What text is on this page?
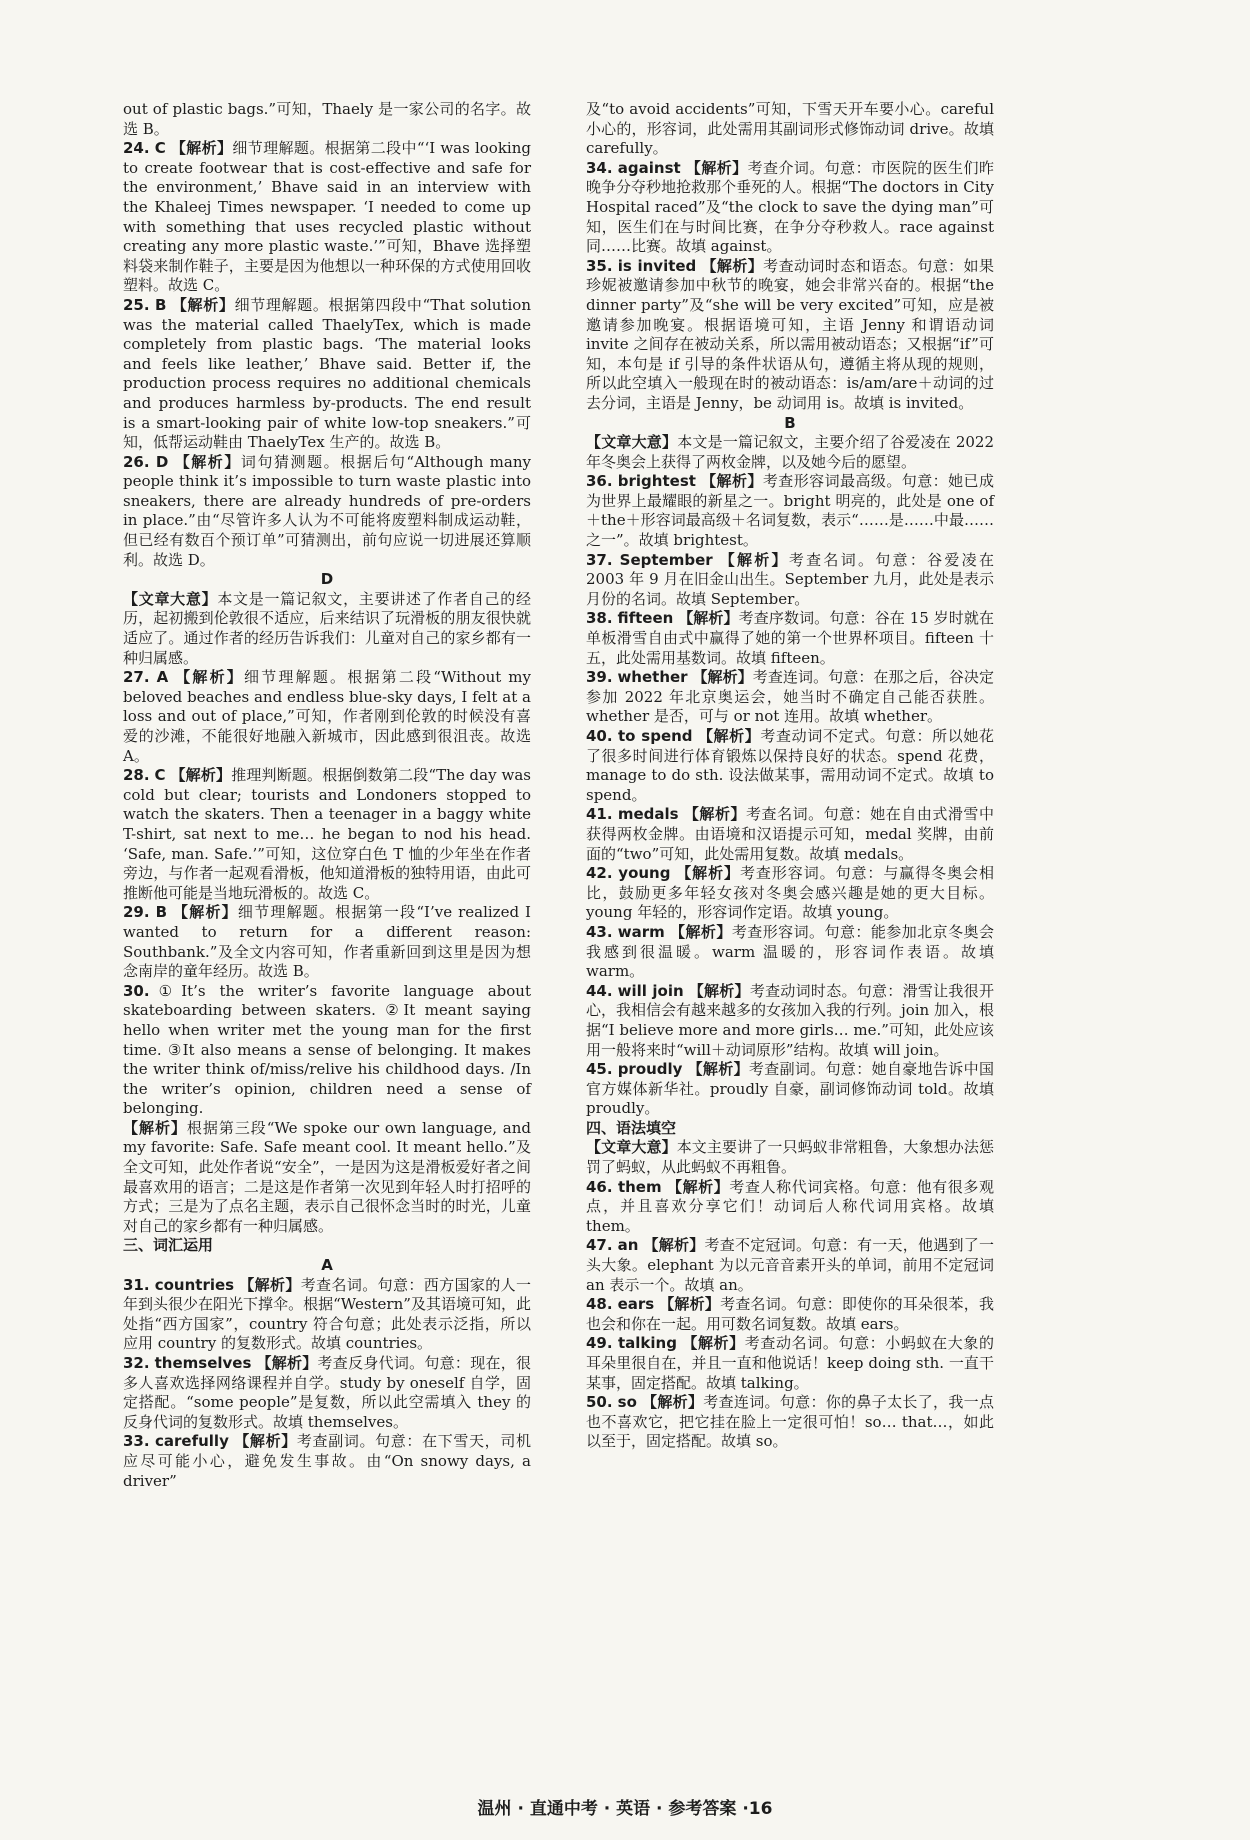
out of plastic bags.”可知，Thaely 是一家公司的名字。故选 B。

24. C 【解析】细节理解题。根据第二段中“‘I was looking to create footwear that is cost-effective and safe for the environment,’ Bhave said in an interview with the Khaleej Times newspaper. ‘I needed to come up with something that uses recycled plastic without creating any more plastic waste.’”可知，Bhave 选择塑料袋来制作鞋子，主要是因为他想以一种环保的方式使用回收塑料。故选 C。

25. B 【解析】细节理解题。根据第四段中“That solution was the material called ThaelyTex, which is made completely from plastic bags. ‘The material looks and feels like leather,’ Bhave said. Better if, the production process requires no additional chemicals and produces harmless by-products. The end result is a smart-looking pair of white low-top sneakers.”可知，低帮运动鞋由 ThaelyTex 生产的。故选 B。

26. D 【解析】词句猜测题。根据后句“Although many people think it’s impossible to turn waste plastic into sneakers, there are already hundreds of pre-orders in place.”由“尽管许多人认为不可能将废塑料制成运动鞋，但已经有数百个预订单”可猜测出，前句应说一切进展还算顺利。故选 D。

D

【文章大意】本文是一篇记叙文，主要讲述了作者自己的经历，起初搬到伦敦很不适应，后来结识了玩滑板的朋友很快就适应了。通过作者的经历告诉我们：儿童对自己的家乡都有一种归属感。

27. A 【解析】细节理解题。根据第二段“Without my beloved beaches and endless blue-sky days, I felt at a loss and out of place,”可知，作者刚到伦敦的时候没有喜爱的沙滩，不能很好地融入新城市，因此感到很沮丧。故选 A。

28. C 【解析】推理判断题。根据倒数第二段“The day was cold but clear; tourists and Londoners stopped to watch the skaters. Then a teenager in a baggy white T-shirt, sat next to me… he began to nod his head. ‘Safe, man. Safe.’”可知，这位穿白色 T 恤的少年坐在作者旁边，与作者一起观看滑板，他知道滑板的独特用语，由此可推断他可能是当地玩滑板的。故选 C。

29. B 【解析】细节理解题。根据第一段“I’ve realized I wanted to return for a different reason: Southbank.”及全文内容可知，作者重新回到这里是因为想念南岸的童年经历。故选 B。

30.①It’s the writer’s favorite language about skateboarding between skaters. ②It meant saying hello when writer met the young man for the first time. ③It also means a sense of belonging. It makes the writer think of/miss/relive his childhood days. /In the writer’s opinion, children need a sense of belonging.

【解析】根据第三段“We spoke our own language, and my favorite: Safe. Safe meant cool. It meant hello.”及全文可知，此处作者说“安全”，一是因为这是滑板爱好者之间最喜欢用的语言；二是这是作者第一次见到年轻人时打招呼的方式；三是为了点名主题，表示自己很怀念当时的时光，儿童对自己的家乡都有一种归属感。

三、词汇运用

A

31. countries 【解析】考查名词。句意：西方国家的人一年到头很少在阳光下撑伞。根据“Western”及其语境可知，此处指“西方国家”，country 符合句意；此处表示泛指，所以应用 country 的复数形式。故填 countries。

32. themselves 【解析】考查反身代词。句意：现在，很多人喜欢选择网络课程并自学。study by oneself 自学，固定搭配。“some people”是复数，所以此空需填入 they 的反身代词的复数形式。故填 themselves。

33. carefully 【解析】考查副词。句意：在下雪天，司机应尽可能小心，避免发生事故。由“On snowy days, a driver”

及“to avoid accidents”可知，下雪天开车要小心。careful 小心的，形容词，此处需用其副词形式修饰动词 drive。故填 carefully。

34. against 【解析】考查介词。句意：市医院的医生们昨晚争分夺秒地抢救那个垂死的人。根据“The doctors in City Hospital raced”及“the clock to save the dying man”可知，医生们在与时间比赛，在争分夺秒救人。race against 同……比赛。故填 against。

35. is invited 【解析】考查动词时态和语态。句意：如果珍妮被邀请参加中秋节的晚宴，她会非常兴奋的。根据“the dinner party”及“she will be very excited”可知，应是被邀请参加晚宴。根据语境可知，主语 Jenny 和谓语动词 invite 之间存在被动关系，所以需用被动语态；又根据“if”可知，本句是 if 引导的条件状语从句，遵循主将从现的规则，所以此空填入一般现在时的被动语态：is/am/are＋动词的过去分词，主语是 Jenny，be 动词用 is。故填 is invited。

B

【文章大意】本文是一篇记叙文，主要介绍了谷爱凌在 2022 年冬奥会上获得了两枚金牌，以及她今后的愿望。

36. brightest 【解析】考查形容词最高级。句意：她已成为世界上最耀眼的新星之一。bright 明亮的，此处是 one of＋the＋形容词最高级＋名词复数，表示“……是……中最……之一”。故填 brightest。

37. September 【解析】考查名词。句意：谷爱凌在 2003 年 9 月在旧金山出生。September 九月，此处是表示月份的名词。故填 September。

38. fifteen 【解析】考查序数词。句意：谷在 15 岁时就在单板滑雪自由式中赢得了她的第一个世界杯项目。fifteen 十五，此处需用基数词。故填 fifteen。

39. whether 【解析】考查连词。句意：在那之后，谷决定参加 2022 年北京奥运会，她当时不确定自己能否获胜。whether 是否，可与 or not 连用。故填 whether。

40. to spend 【解析】考查动词不定式。句意：所以她花了很多时间进行体育锻炼以保持良好的状态。spend 花费，manage to do sth. 设法做某事，需用动词不定式。故填 to spend。

41. medals 【解析】考查名词。句意：她在自由式滑雪中获得两枚金牌。由语境和汉语提示可知，medal 奖牌，由前面的“two”可知，此处需用复数。故填 medals。

42. young 【解析】考查形容词。句意：与赢得冬奥会相比，鼓励更多年轻女孩对冬奥会感兴趣是她的更大目标。young 年轻的，形容词作定语。故填 young。

43. warm 【解析】考查形容词。句意：能参加北京冬奥会我感到很温暖。warm 温暖的，形容词作表语。故填 warm。

44. will join 【解析】考查动词时态。句意：滑雪让我很开心，我相信会有越来越多的女孩加入我的行列。join 加入，根据“I believe more and more girls… me.”可知，此处应该用一般将来时“will＋动词原形”结构。故填 will join。

45. proudly 【解析】考查副词。句意：她自豪地告诉中国官方媒体新华社。proudly 自豪，副词修饰动词 told。故填 proudly。

四、语法填空

【文章大意】本文主要讲了一只蚂蚁非常粗鲁，大象想办法惩罚了蚂蚁，从此蚂蚁不再粗鲁。

46. them 【解析】考查人称代词宾格。句意：他有很多观点，并且喜欢分享它们！动词后人称代词用宾格。故填 them。

47. an 【解析】考查不定冠词。句意：有一天，他遇到了一头大象。elephant 为以元音音素开头的单词，前用不定冠词 an 表示一个。故填 an。

48. ears 【解析】考查名词。句意：即使你的耳朵很苯，我也会和你在一起。用可数名词复数。故填 ears。

49. talking 【解析】考查动名词。句意：小蚂蚁在大象的耳朵里很自在，并且一直和他说话！keep doing sth. 一直干某事，固定搭配。故填 talking。

50. so 【解析】考查连词。句意：你的鼻子太长了，我一点也不喜欢它，把它挂在脸上一定很可怕！so… that…，如此以至于，固定搭配。故填 so。

温州 · 直通中考 · 英语 · 参考答案 ·16
